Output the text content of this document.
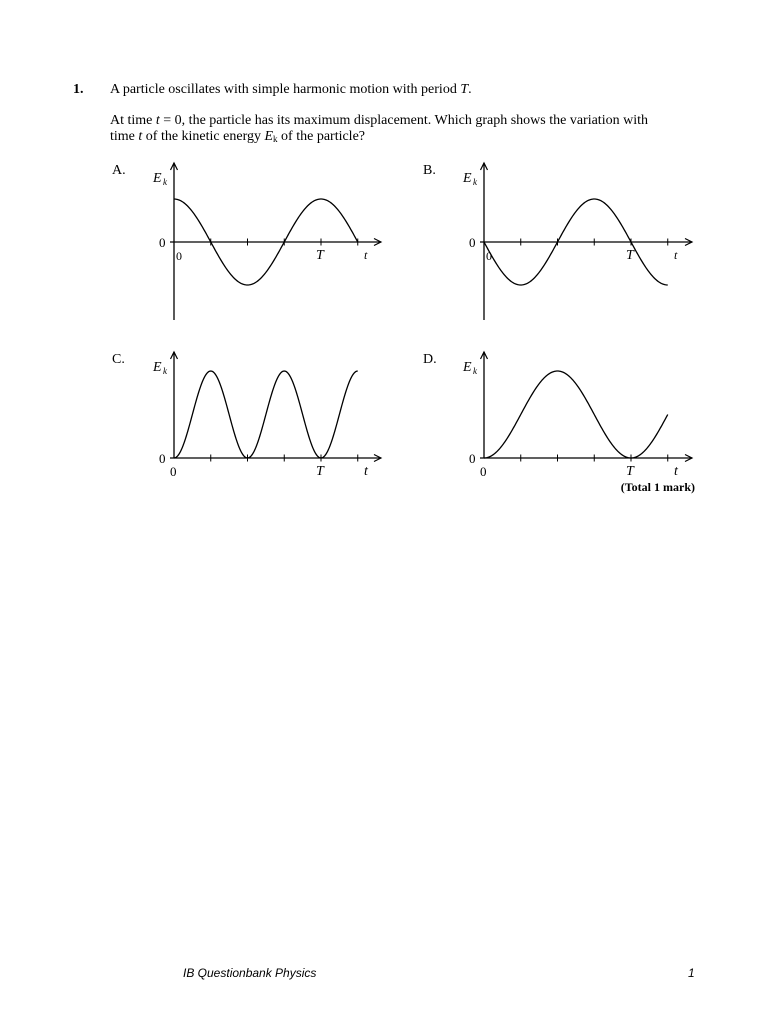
1. A particle oscillates with simple harmonic motion with period T.
At time t = 0, the particle has its maximum displacement. Which graph shows the variation with
time t of the kinetic energy $E_k$ of the particle?
A.
E k
0
0	T	t
B.
E k
0
0	T	t
C.
E k
0
0	T	t
D.
E k
0
0	T	t
(Total 1 mark)
IB Questionbank Physics	1
